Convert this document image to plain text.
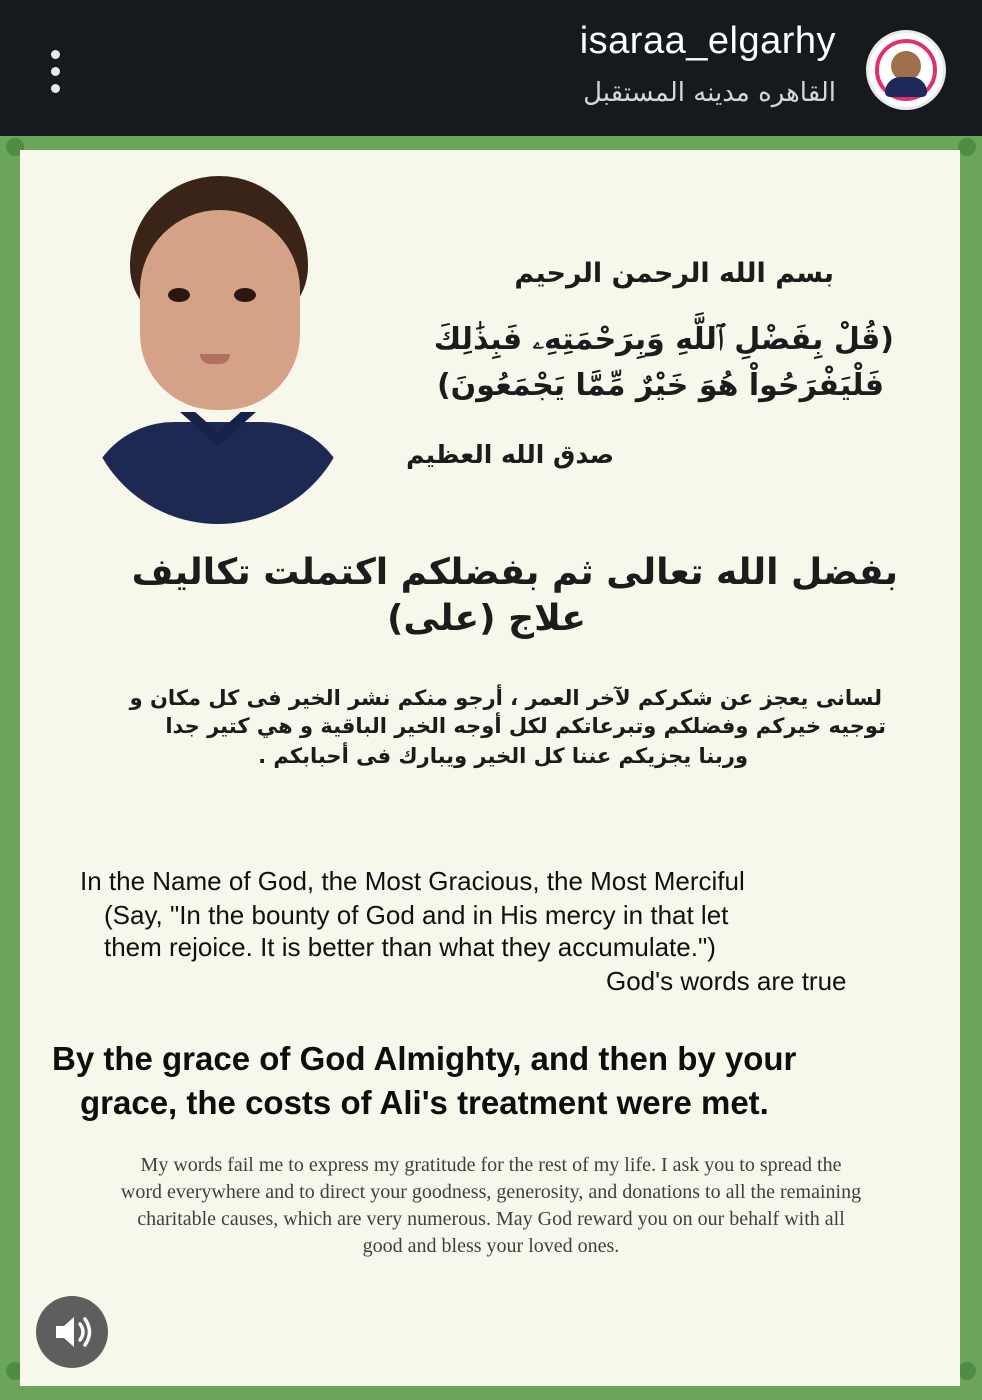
isaraa_elgarhy
القاهره مدينه المستقبل
بسم الله الرحمن الرحيم
(قُلْ بِفَضْلِ ٱللَّهِ وَبِرَحْمَتِهِۦ فَبِذَٰلِكَ
فَلْيَفْرَحُواْ هُوَ خَيْرٌ مِّمَّا يَجْمَعُونَ)
صدق الله العظيم
بفضل الله تعالى ثم بفضلكم اكتملت تكاليف
علاج (على)
لسانى يعجز عن شكركم لآخر العمر ، أرجو منكم نشر الخير فى كل مكان و
توجيه خيركم وفضلكم وتبرعاتكم لكل أوجه الخير الباقية و هي كتير جدا
وربنا يجزيكم عننا كل الخير ويبارك فى أحبابكم .
In the Name of God, the Most Gracious, the Most Merciful
(Say, "In the bounty of God and in His mercy in that let
them rejoice. It is better than what they accumulate.")
God's words are true
By the grace of God Almighty, and then by your
grace, the costs of Ali's treatment were met.
My words fail me to express my gratitude for the rest of my life. I ask you to spread the
word everywhere and to direct your goodness, generosity, and donations to all the remaining
charitable causes, which are very numerous. May God reward you on our behalf with all
good and bless your loved ones.
